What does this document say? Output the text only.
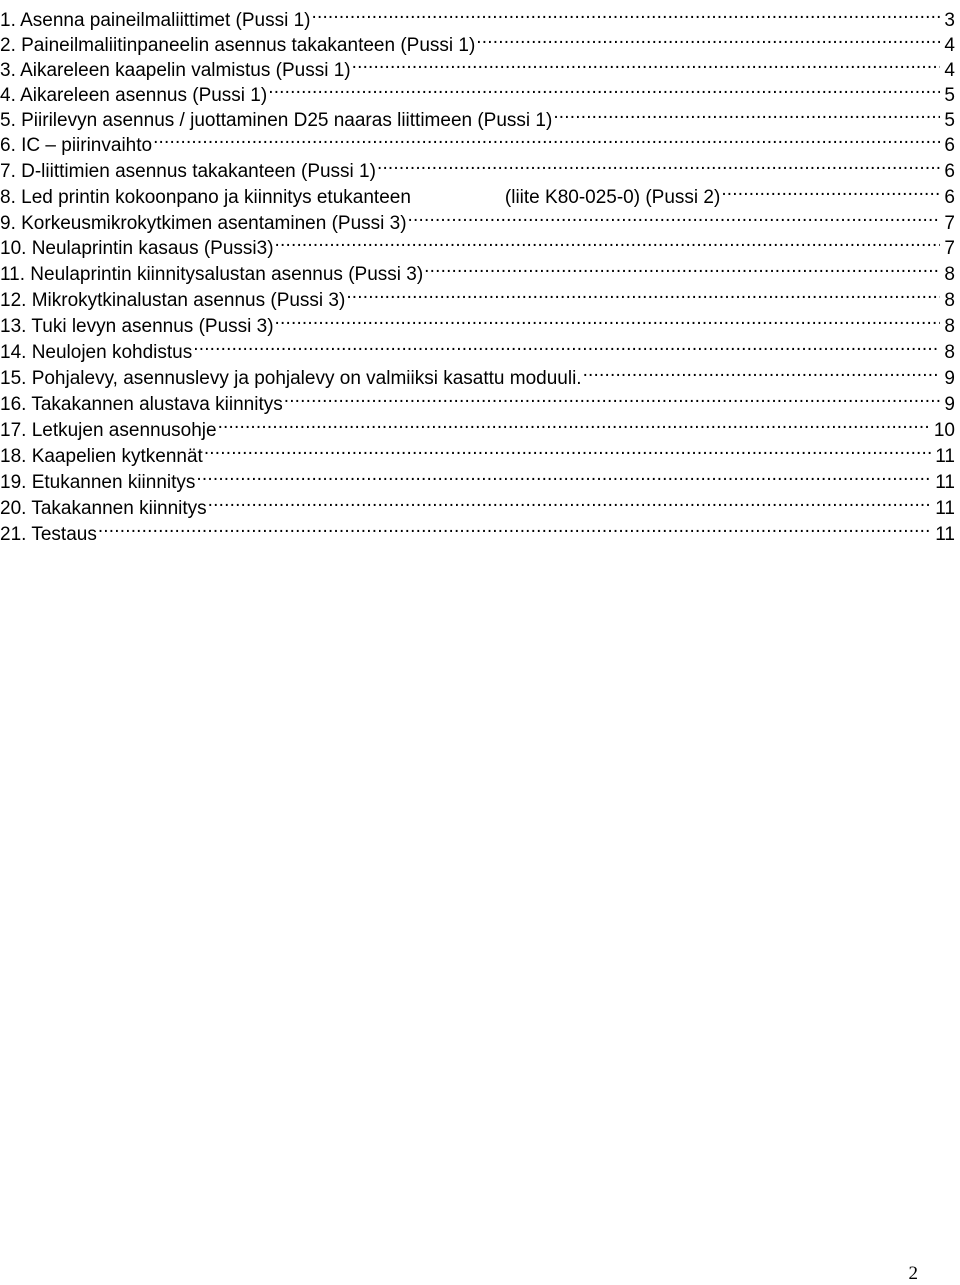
1. Asenna paineilmaliittimet (Pussi 1) .....	3
2. Paineilmaliitinpaneelin asennus takakanteen (Pussi 1) .....	4
3. Aikareleen kaapelin valmistus (Pussi 1) .....	4
4. Aikareleen asennus (Pussi 1) .....	5
5. Piirilevyn asennus / juottaminen D25 naaras liittimeen (Pussi 1) .....	5
6. IC – piirinvaihto .....	6
7. D-liittimien asennus takakanteen (Pussi 1) .....	6
8. Led printin kokoonpano ja kiinnitys etukanteen	(liite K80-025-0) (Pussi 2) .....	6
9. Korkeusmikrokytkimen asentaminen (Pussi 3) .....	7
10. Neulaprintin kasaus (Pussi3) .....	7
11. Neulaprintin kiinnitysalustan asennus (Pussi 3) .....	8
12. Mikrokytkinalustan asennus (Pussi 3) .....	8
13. Tuki levyn asennus (Pussi 3) .....	8
14. Neulojen kohdistus .....	8
15. Pohjalevy, asennuslevy ja pohjalevy on valmiiksi kasattu moduuli. .....	9
16. Takakannen alustava kiinnitys .....	9
17. Letkujen asennusohje .....	10
18. Kaapelien kytkennät .....	11
19. Etukannen kiinnitys .....	11
20. Takakannen kiinnitys .....	11
21. Testaus .....	11
2
